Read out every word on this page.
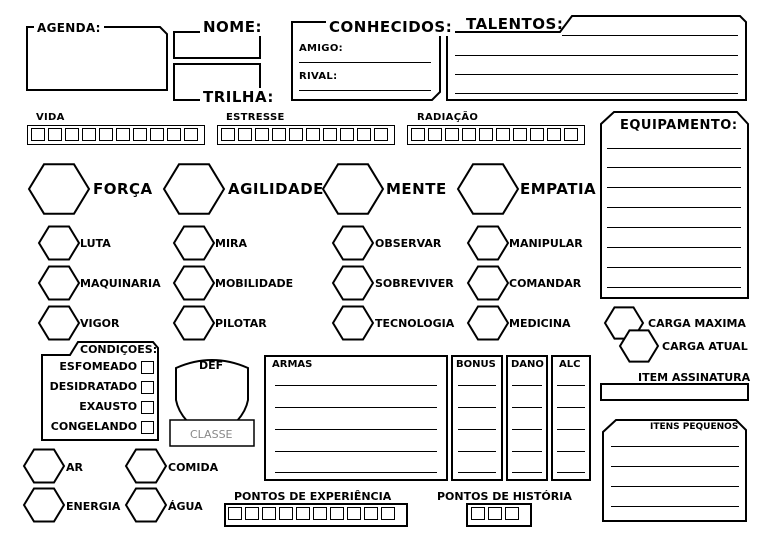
AGENDA:	NOME:
TRILHA:
CONHECIDOS:
AMIGO:
RIVAL:
TALENTOS:
VIDA	ESTRESSE	RADIAÇÃO
FORÇA	AGILIDADE	MENTE	EMPATIA
LUTA
MAQUINARIA
VIGOR
MIRA
MOBILIDADE
PILOTAR
OBSERVAR
SOBREVIVER
TECNOLOGIA
MANIPULAR
COMANDAR
MEDICINA
EQUIPAMENTO:
CARGA MAXIMA
CARGA ATUAL
ITEM ASSINATURA
ITENS PEQUENOS
CONDIÇOES:
ESFOMEADO
DESIDRATADO
EXAUSTO
CONGELANDO
DEF
CLASSE
ARMAS	BONUS DANO ALC
AR	COMIDA
ENERGIA	ÁGUA
PONTOS DE EXPERIÊNCIA	PONTOS DE HISTÓRIA
